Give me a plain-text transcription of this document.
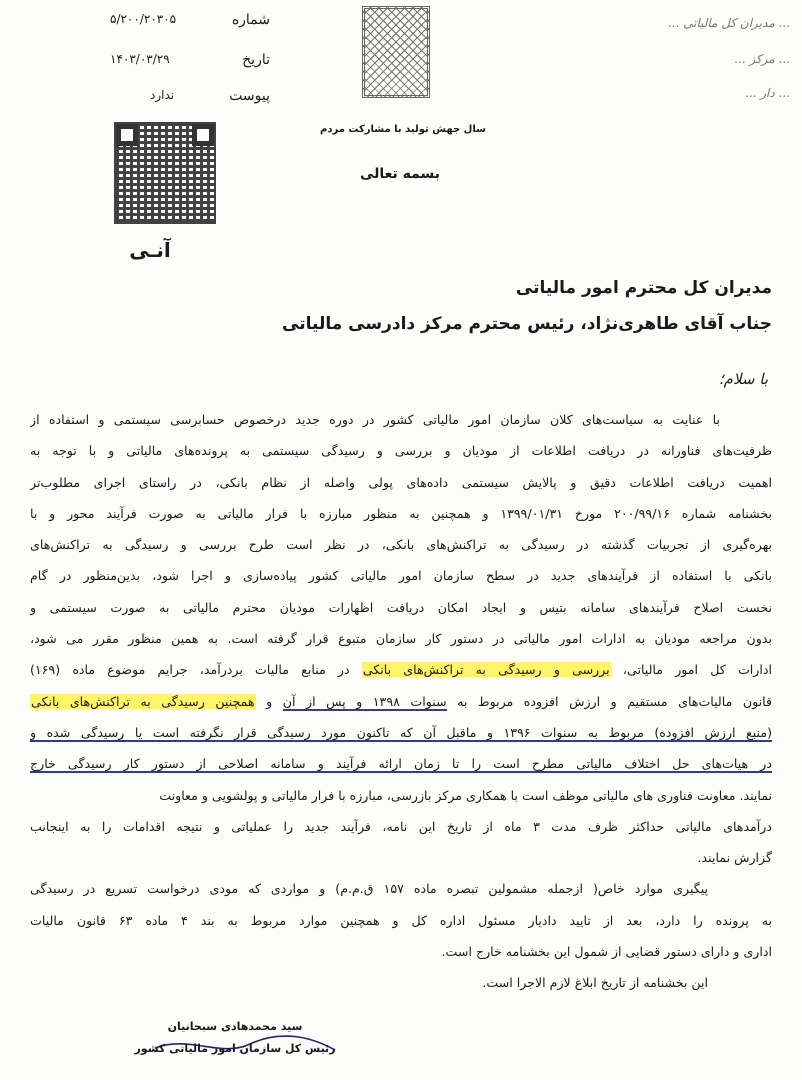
شماره
۵/۲۰۰/۲۰۳۰۵
تاریخ
۱۴۰۳/۰۳/۲۹
پیوست
ندارد
آنـی
سال جهش تولید با مشارکت مردم
بسمه تعالی
... مدیران کل مالیاتی ...
... مرکز ...
... دار ...
مدیران کل محترم امور مالیاتی
جناب آقای طاهری‌نژاد، رئیس محترم مرکز دادرسی مالیاتی
با سلام؛
با عنایت به سیاست‌های کلان سازمان امور مالیاتی کشور در دوره جدید درخصوص حسابرسی سیستمی و استفاده از
ظرفیت‌های فناورانه در دریافت اطلاعات از مودیان و بررسی و رسیدگی سیستمی به پرونده‌های مالیاتی و با توجه به
اهمیت دریافت اطلاعات دقیق و پالایش سیستمی داده‌های پولی واصله از نظام بانکی، در راستای اجرای مطلوب‌تر
بخشنامه شماره ۲۰۰/۹۹/۱۶ مورخ ۱۳۹۹/۰۱/۳۱ و همچنین به منظور مبارزه با فرار مالیاتی به صورت فرآیند محور و با
بهره‌گیری از تجربیات گذشته در رسیدگی به تراکنش‌های بانکی، در نظر است طرح بررسی و رسیدگی به تراکنش‌های
بانکی با استفاده از فرآیندهای جدید در سطح سازمان امور مالیاتی کشور پیاده‌سازی و اجرا شود، بدین‌منظور در گام
نخست اصلاح فرآیندهای سامانه بتیس و ایجاد امکان دریافت اظهارات مودیان محترم مالیاتی به صورت سیستمی و
بدون مراجعه مودیان به ادارات امور مالیاتی در دستور کار سازمان متبوع قرار گرفته است. به همین منظور مقرر می شود،
ادارات کل امور مالیاتی، بررسی و رسیدگی به تراکنش‌های بانکی در منابع مالیات بردرآمد، جرایم موضوع ماده (۱۶۹)
قانون مالیات‌های مستقیم و ارزش افزوده مربوط به سنوات ۱۳۹۸ و پس از آن و همچنین رسیدگی به تراکنش‌های بانکی
(منبع ارزش افزوده) مربوط به سنوات ۱۳۹۶ و ماقبل آن که تاکنون مورد رسیدگی قرار نگرفته است یا رسیدگی شده و
در هیات‌های حل اختلاف مالیاتی مطرح است را تا زمان ارائه فرآیند و سامانه اصلاحی از دستور کار رسیدگی خارج
نمایند. معاونت فناوری های مالیاتی موظف است با همکاری مرکز بازرسی، مبارزه با فرار مالیاتی و پولشویی و معاونت
درآمدهای مالیاتی حداکثر ظرف مدت ۳ ماه از تاریخ این نامه، فرآیند جدید را عملیاتی و نتیجه اقدامات را به اینجانب
گزارش نمایند.
پیگیری موارد خاص( ازجمله مشمولین تبصره ماده ۱۵۷ ق.م.م) و مواردی که مودی درخواست تسریع در رسیدگی
به پرونده را دارد، بعد از تایید دادیار مسئول اداره کل و همچنین موارد مربوط به بند ۴ ماده ۶۳ قانون مالیات
اداری و دارای دستور قضایی از شمول این بخشنامه خارج است.
این بخشنامه از تاریخ ابلاغ لازم الاجرا است.
سید محمدهادی سبحانیان
رئیس کل سازمان امور مالیاتی کشور
